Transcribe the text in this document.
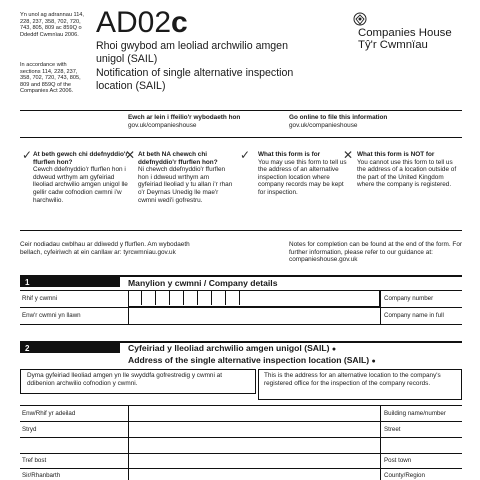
Yn unol ag adrannau 114, 228, 237, 358, 702, 720, 743, 805, 809 ac 859Q o Ddeddf Cwmnïau 2006.
In accordance with sections 114, 228, 237, 358, 702, 720, 743, 805, 809 and 859Q of the Companies Act 2006.
AD02c
Rhoi gwybod am leoliad archwilio amgen
unigol (SAIL)
Notification of single alternative inspection
location (SAIL)
Companies House
Tŷ'r Cwmnïau
Ewch ar lein i ffeilio'r wybodaeth hon
gov.uk/companieshouse
Go online to file this information
gov.uk/companieshouse
✓ At beth gewch chi ddefnyddio'r ffurflen hon?
Cewch ddefnyddio'r ffurflen hon i ddweud wrthym am gyfeiriad lleoliad archwilio amgen unigol lle gellir cadw cofnodion cwmni i'w harchwilio.
✕ At beth NA chewch chi ddefnyddio'r ffurflen hon?
Ni chewch ddefnyddio'r ffurflen hon i ddweud wrthym am gyfeiriad lleoliad y tu allan i'r rhan o'r Deyrnas Unedig lle mae'r cwmni wedi'i gofrestru.
✓ What this form is for
You may use this form to tell us the address of an alternative inspection location where company records may be kept for inspection.
✕ What this form is NOT for
You cannot use this form to tell us the address of a location outside of the part of the United Kingdom where the company is registered.
Ceir nodiadau cwblhau ar ddiwedd y ffurflen. Am wybodaeth bellach, cyfeiriwch at ein canllaw ar: tyrcwmniau.gov.uk
Notes for completion can be found at the end of the form. For further information, please refer to our guidance at: companieshouse.gov.uk
1	Manylion y cwmni / Company details
Rhif y cwmni	Company number
Enw'r cwmni yn llawn	Company name in full
2	Cyfeiriad y lleoliad archwilio amgen unigol (SAIL) ●
Address of the single alternative inspection location (SAIL) ●
Dyma gyfeiriad lleoliad amgen yn lle swyddfa gofrestredig y cwmni at ddibenion archwilio cofnodion y cwmni.
This is the address for an alternative location to the company's registered office for the inspection of the company records.
Enw/Rhif yr adeilad	Building name/number
Stryd	Street
Tref bost	Post town
Sir/Rhanbarth	County/Region
